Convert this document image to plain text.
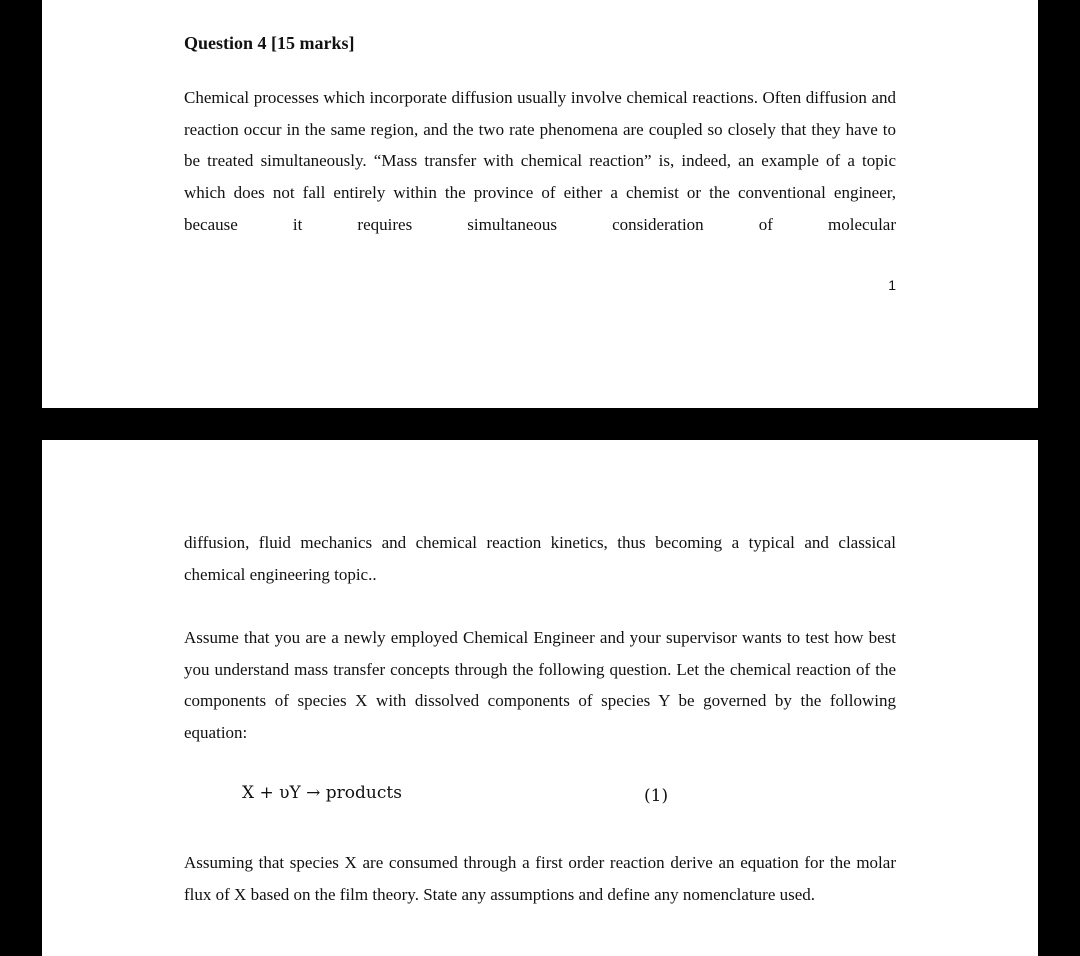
Question 4 [15 marks]

Chemical processes which incorporate diffusion usually involve chemical reactions. Often diffusion and reaction occur in the same region, and the two rate phenomena are coupled so closely that they have to be treated simultaneously. “Mass transfer with chemical reaction” is, indeed, an example of a topic which does not fall entirely within the province of either a chemist or the conventional engineer, because it requires simultaneous consideration of molecular

1

diffusion, fluid mechanics and chemical reaction kinetics, thus becoming a typical and classical chemical engineering topic..

Assume that you are a newly employed Chemical Engineer and your supervisor wants to test how best you understand mass transfer concepts through the following question. Let the chemical reaction of the components of species X with dissolved components of species Y be governed by the following equation:

X + υY → products	(1)

Assuming that species X are consumed through a first order reaction derive an equation for the molar flux of X based on the film theory. State any assumptions and define any nomenclature used.
